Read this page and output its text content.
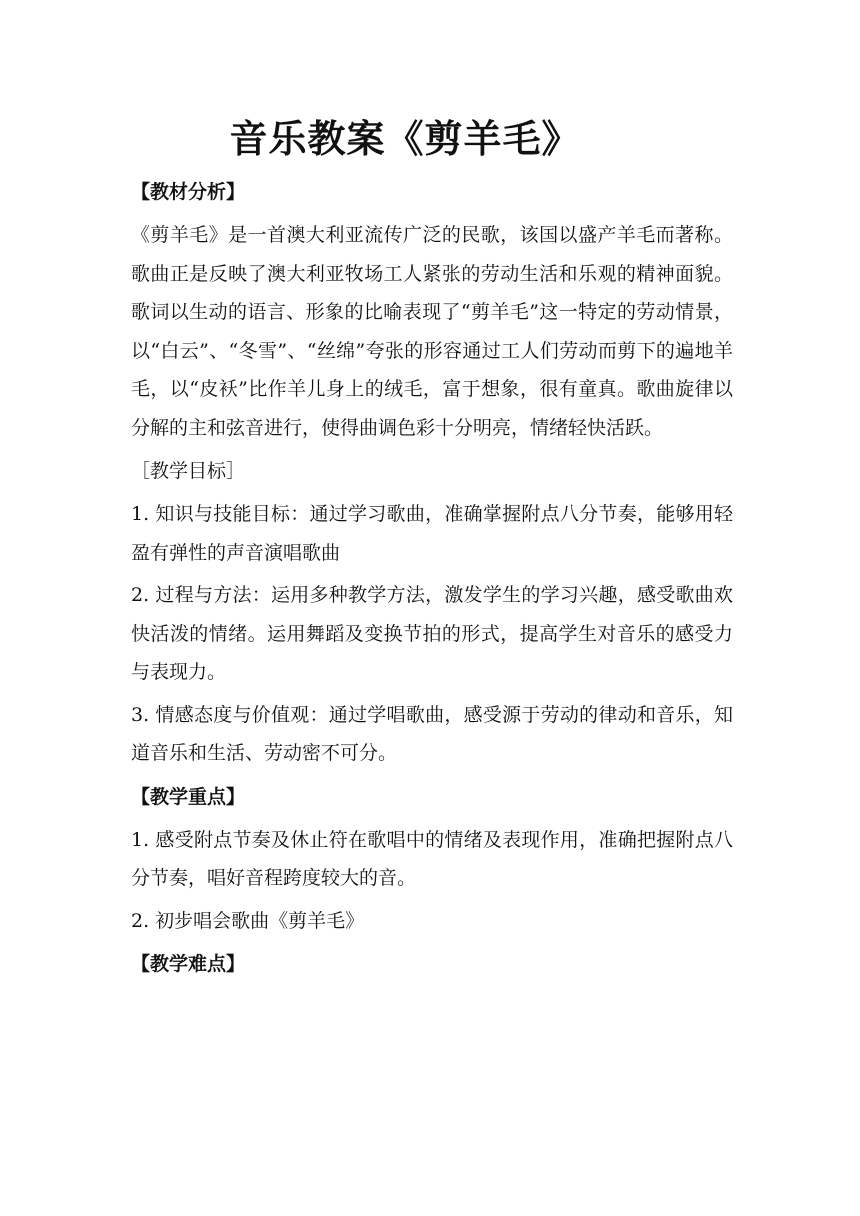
音乐教案《剪羊毛》
【教材分析】

《剪羊毛》是一首澳大利亚流传广泛的民歌，该国以盛产羊毛而著称。歌曲正是反映了澳大利亚牧场工人紧张的劳动生活和乐观的精神面貌。歌词以生动的语言、形象的比喻表现了“剪羊毛”这一特定的劳动情景，以“白云”、“冬雪”、“丝绵”夸张的形容通过工人们劳动而剪下的遍地羊毛，以“皮袄”比作羊儿身上的绒毛，富于想象，很有童真。歌曲旋律以分解的主和弦音进行，使得曲调色彩十分明亮，情绪轻快活跃。

［教学目标］

1. 知识与技能目标：通过学习歌曲，准确掌握附点八分节奏，能够用轻盈有弹性的声音演唱歌曲

2. 过程与方法：运用多种教学方法，激发学生的学习兴趣，感受歌曲欢快活泼的情绪。运用舞蹈及变换节拍的形式，提高学生对音乐的感受力与表现力。

3. 情感态度与价值观：通过学唱歌曲，感受源于劳动的律动和音乐，知道音乐和生活、劳动密不可分。

【教学重点】

1. 感受附点节奏及休止符在歌唱中的情绪及表现作用，准确把握附点八分节奏，唱好音程跨度较大的音。

2. 初步唱会歌曲《剪羊毛》

【教学难点】
